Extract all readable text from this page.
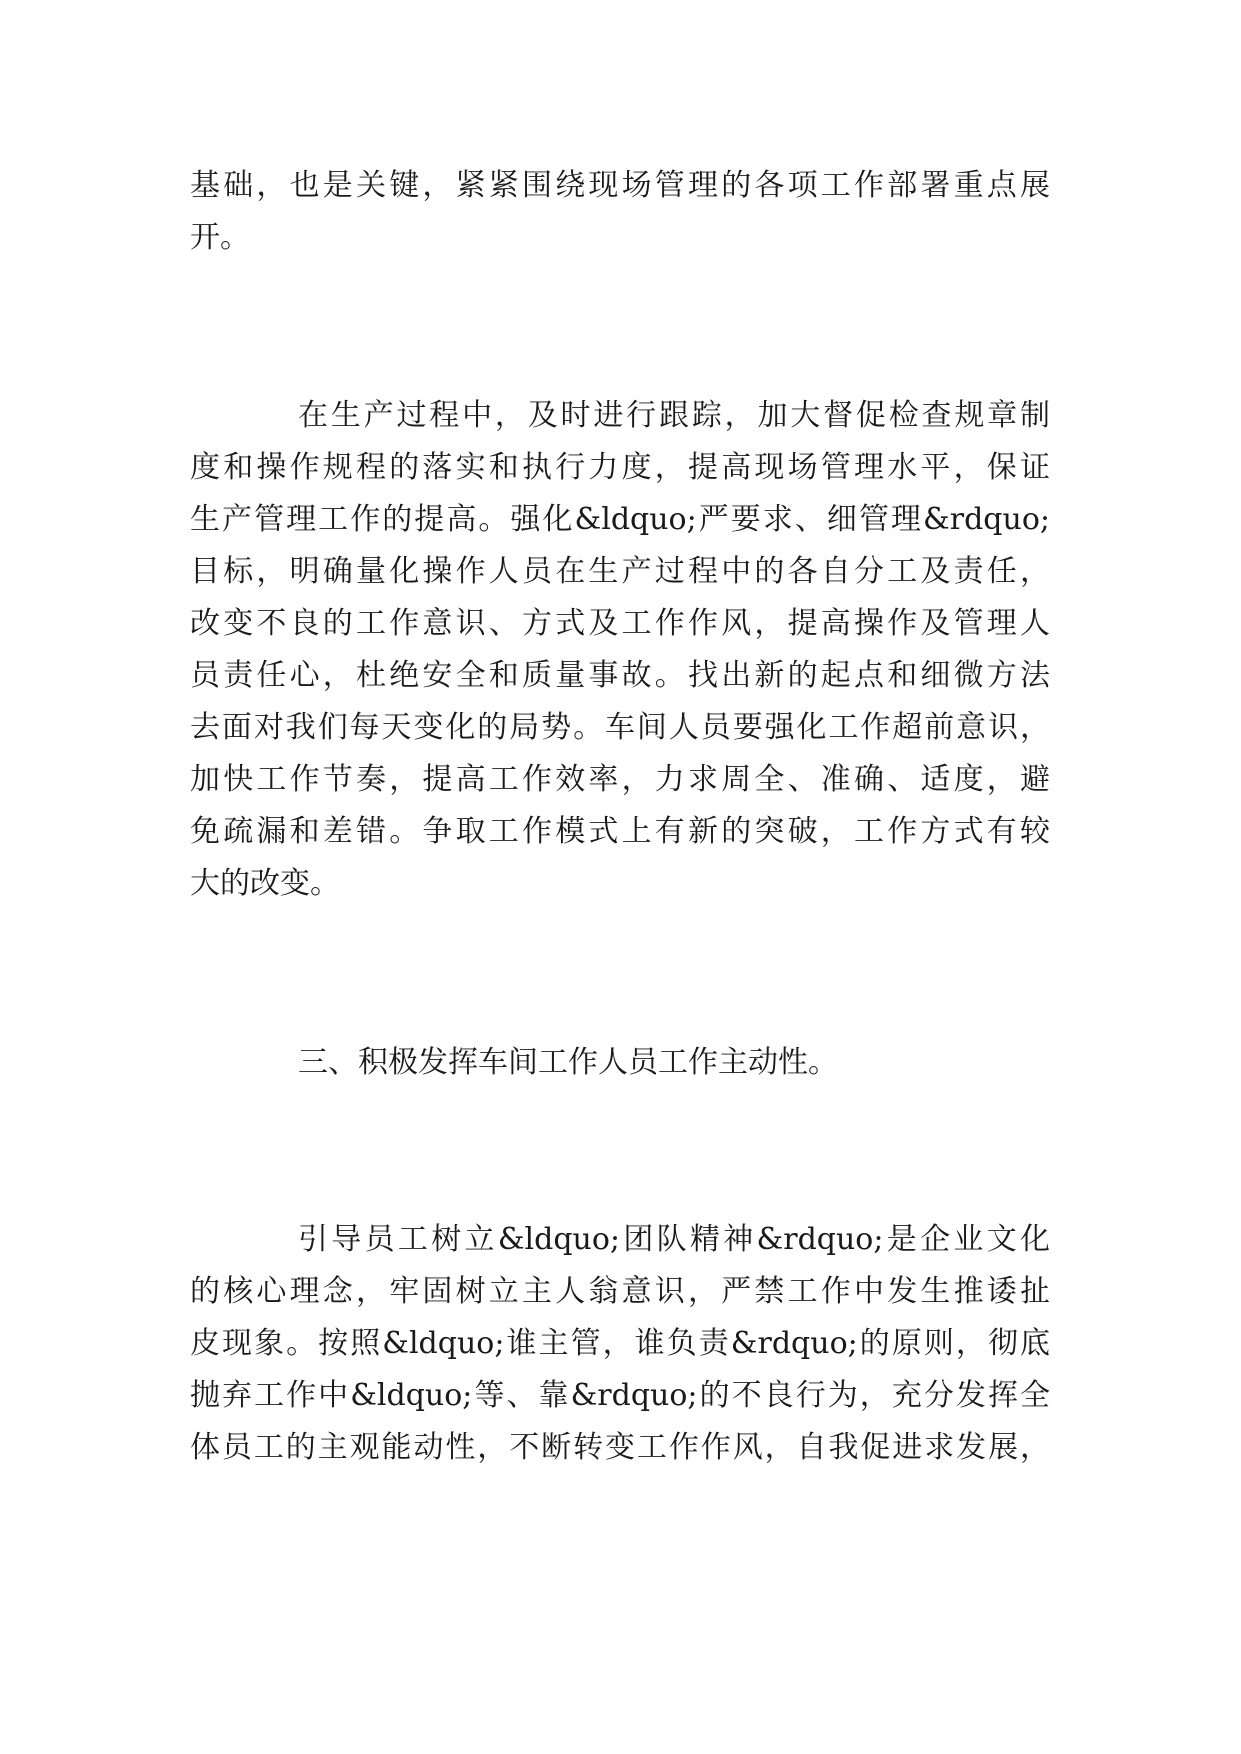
基础，也是关键，紧紧围绕现场管理的各项工作部署重点展
开。
在生产过程中，及时进行跟踪，加大督促检查规章制
度和操作规程的落实和执行力度，提高现场管理水平，保证
生产管理工作的提高。强化&ldquo;严要求、细管理&rdquo;
目标，明确量化操作人员在生产过程中的各自分工及责任，
改变不良的工作意识、方式及工作作风，提高操作及管理人
员责任心，杜绝安全和质量事故。找出新的起点和细微方法
去面对我们每天变化的局势。车间人员要强化工作超前意识，
加快工作节奏，提高工作效率，力求周全、准确、适度，避
免疏漏和差错。争取工作模式上有新的突破，工作方式有较
大的改变。
三、积极发挥车间工作人员工作主动性。
引导员工树立&ldquo;团队精神&rdquo;是企业文化
的核心理念，牢固树立主人翁意识，严禁工作中发生推诿扯
皮现象。按照&ldquo;谁主管，谁负责&rdquo;的原则，彻底
抛弃工作中&ldquo;等、靠&rdquo;的不良行为，充分发挥全
体员工的主观能动性，不断转变工作作风，自我促进求发展，
